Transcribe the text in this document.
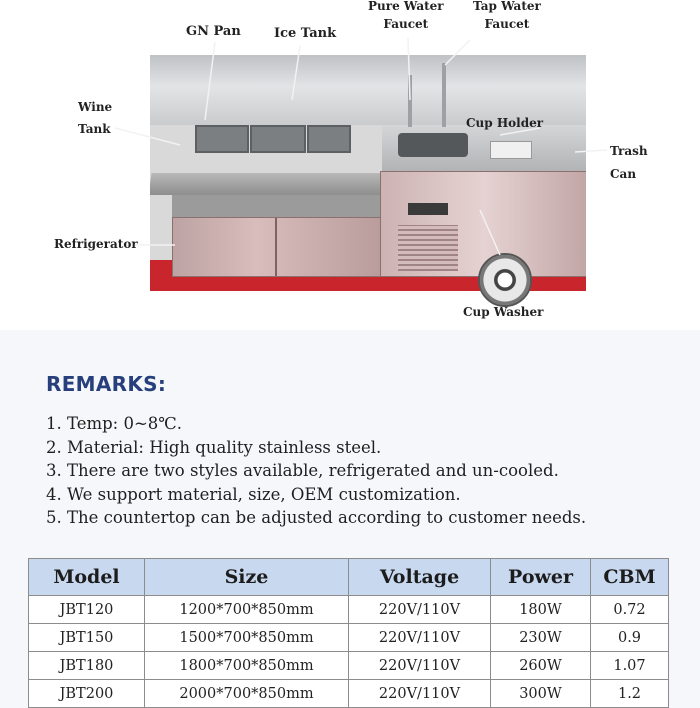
GN Pan	Ice Tank
Pure Water
Faucet
Tap Water
Faucet
Wine
Tank	Cup Holder
Trash
Can
Refrigerator
Cup Washer
REMARKS:
1. Temp: 0~8℃.
2. Material: High quality stainless steel.
3. There are two styles available, refrigerated and un-cooled.
4. We support material, size, OEM customization.
5. The countertop can be adjusted according to customer needs.
Model	Size	Voltage	Power	CBM
JBT120	1200*700*850mm	220V/110V	180W	0.72
JBT150	1500*700*850mm	220V/110V	230W	0.9
JBT180	1800*700*850mm	220V/110V	260W	1.07
JBT200	2000*700*850mm	220V/110V	300W	1.2
